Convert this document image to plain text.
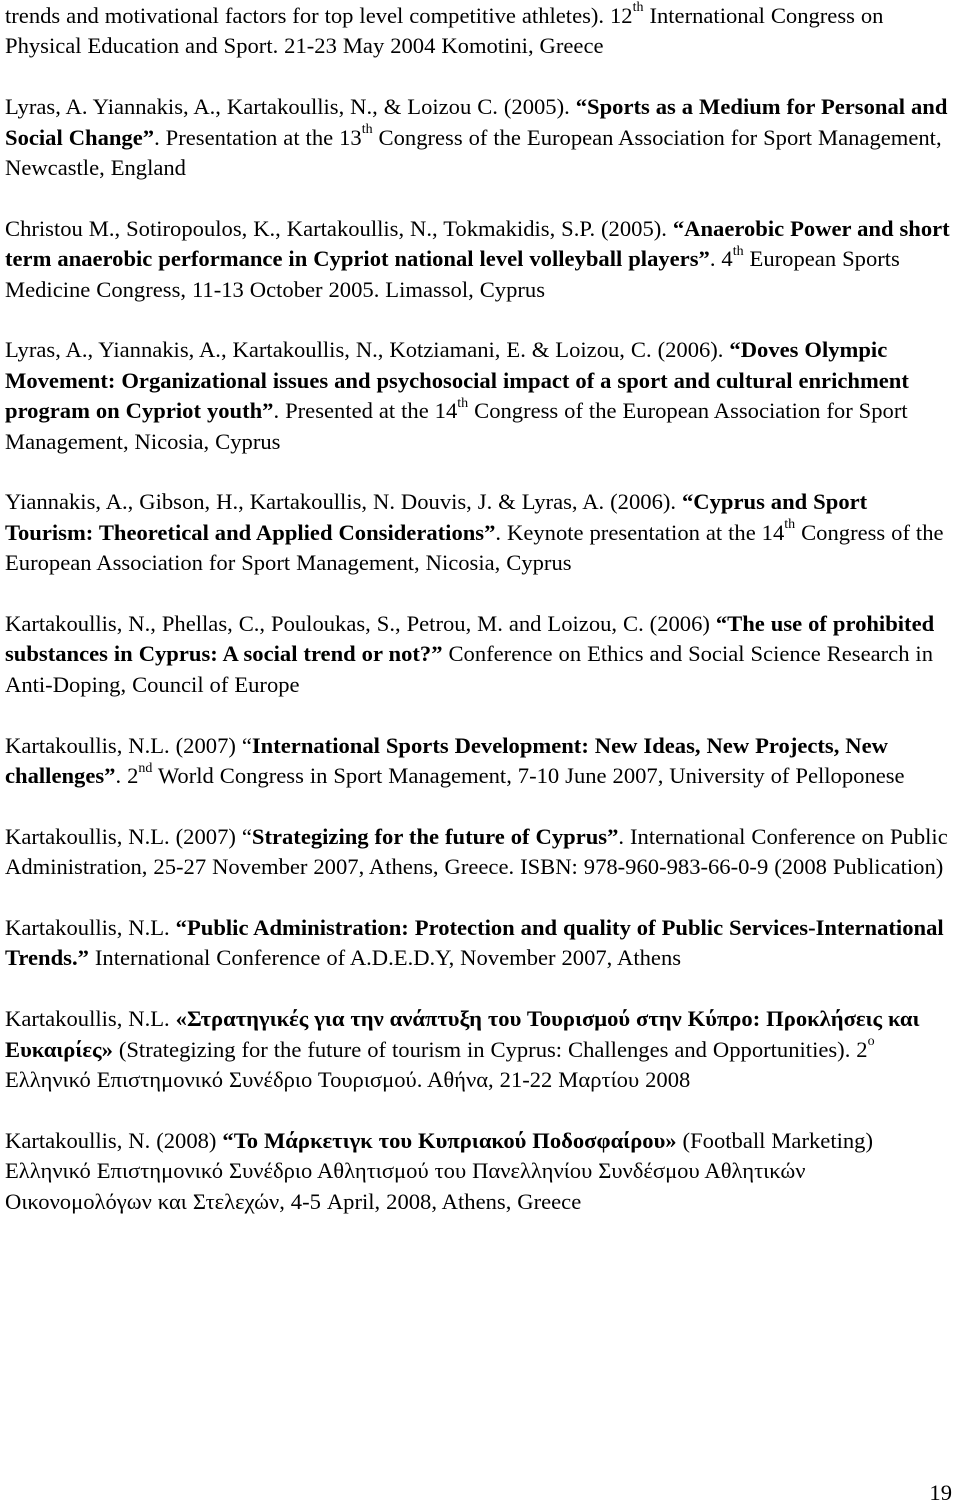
trends and motivational factors for top level competitive athletes). 12th International Congress on Physical Education and Sport. 21-23 May 2004 Komotini, Greece

Lyras, A. Yiannakis, A., Kartakoullis, N., & Loizou C. (2005). “Sports as a Medium for Personal and Social Change”. Presentation at the 13th Congress of the European Association for Sport Management, Newcastle, England

Christou M., Sotiropoulos, K., Kartakoullis, N., Tokmakidis, S.P. (2005). “Anaerobic Power and short term anaerobic performance in Cypriot national level volleyball players”. 4th European Sports Medicine Congress, 11-13 October 2005. Limassol, Cyprus

Lyras, A., Yiannakis, A., Kartakoullis, N., Kotziamani, E. & Loizou, C. (2006). “Doves Olympic Movement: Organizational issues and psychosocial impact of a sport and cultural enrichment program on Cypriot youth”. Presented at the 14th Congress of the European Association for Sport Management, Nicosia, Cyprus

Yiannakis, A., Gibson, H., Kartakoullis, N. Douvis, J. & Lyras, A. (2006). “Cyprus and Sport Tourism: Theoretical and Applied Considerations”. Keynote presentation at the 14th Congress of the European Association for Sport Management, Nicosia, Cyprus

Kartakoullis, N., Phellas, C., Pouloukas, S., Petrou, M. and Loizou, C. (2006) “The use of prohibited substances in Cyprus: A social trend or not?” Conference on Ethics and Social Science Research in Anti-Doping, Council of Europe

Kartakoullis, N.L. (2007) “International Sports Development: New Ideas, New Projects, New challenges”. 2nd World Congress in Sport Management, 7-10 June 2007, University of Pelloponese

Kartakoullis, N.L. (2007) “Strategizing for the future of Cyprus”. International Conference on Public Administration, 25-27 November 2007, Athens, Greece. ISBN: 978-960-983-66-0-9 (2008 Publication)

Kartakoullis, N.L. “Public Administration: Protection and quality of Public Services-International Trends.” International Conference of A.D.E.D.Y, November 2007, Athens

Kartakoullis, N.L. «Στρατηγικές για την ανάπτυξη του Τουρισμού στην Κύπρο: Προκλήσεις και Ευκαιρίες» (Strategizing for the future of tourism in Cyprus: Challenges and Opportunities). $2^o$ Ελληνικό Επιστημονικό Συνέδριο Τουρισμού. Αθήνα, 21-22 Μαρτίου 2008

Kartakoullis, N. (2008) “Το Μάρκετιγκ του Κυπριακού Ποδοσφαίρου» (Football Marketing) Ελληνικό Επιστημονικό Συνέδριο Αθλητισμού του Πανελληνίου Συνδέσμου Αθλητικών Οικονομολόγων και Στελεχών, 4-5 April, 2008, Athens, Greece

19
